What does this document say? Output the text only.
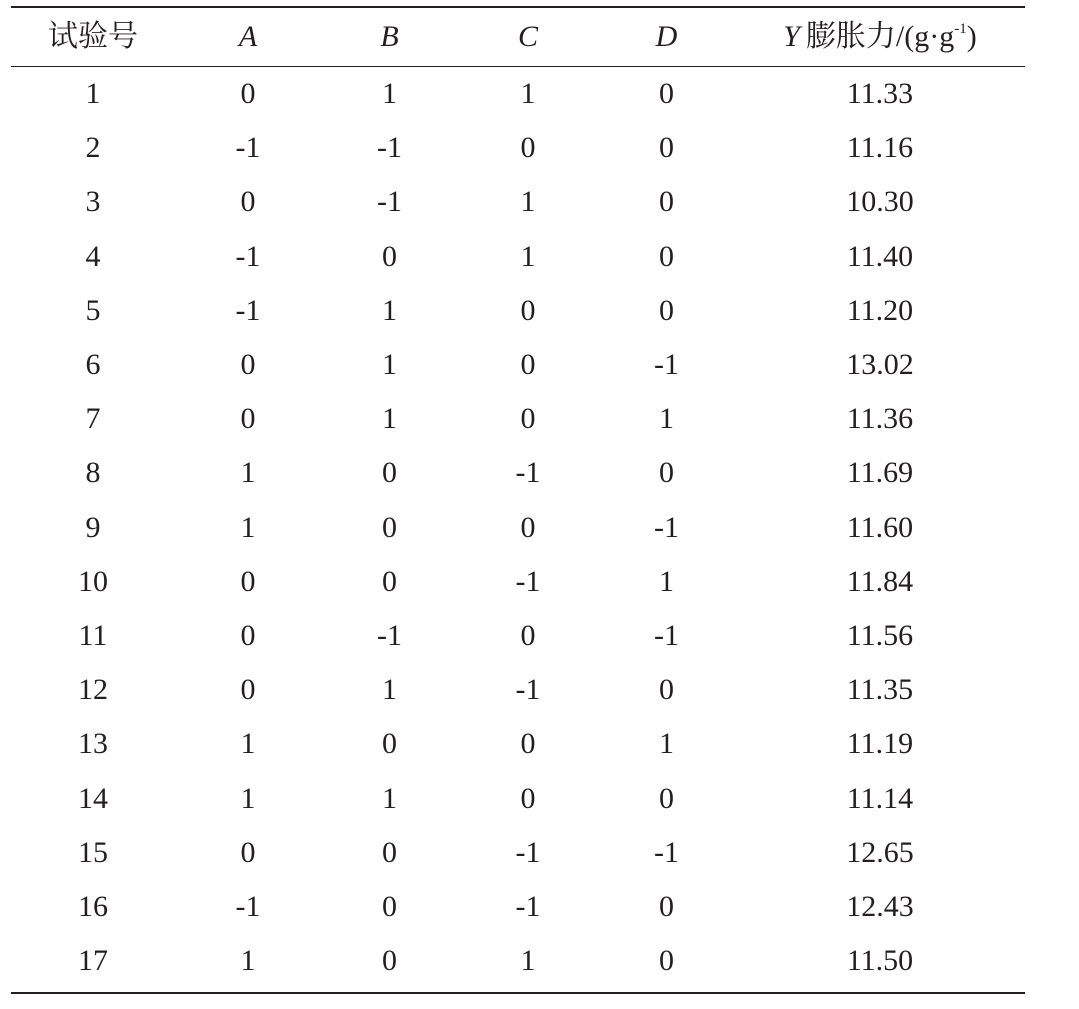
试验号	A	B	C	D	Y 膨胀力$/(g\cdot g^{-1})$
1	0	1	1	0	11.33
2	-1	-1	0	0	11.16
3	0	-1	1	0	10.30
4	-1	0	1	0	11.40
5	-1	1	0	0	11.20
6	0	1	0	-1	13.02
7	0	1	0	1	11.36
8	1	0	-1	0	11.69
9	1	0	0	-1	11.60
10	0	0	-1	1	11.84
11	0	-1	0	-1	11.56
12	0	1	-1	0	11.35
13	1	0	0	1	11.19
14	1	1	0	0	11.14
15	0	0	-1	-1	12.65
16	-1	0	-1	0	12.43
17	1	0	1	0	11.50
